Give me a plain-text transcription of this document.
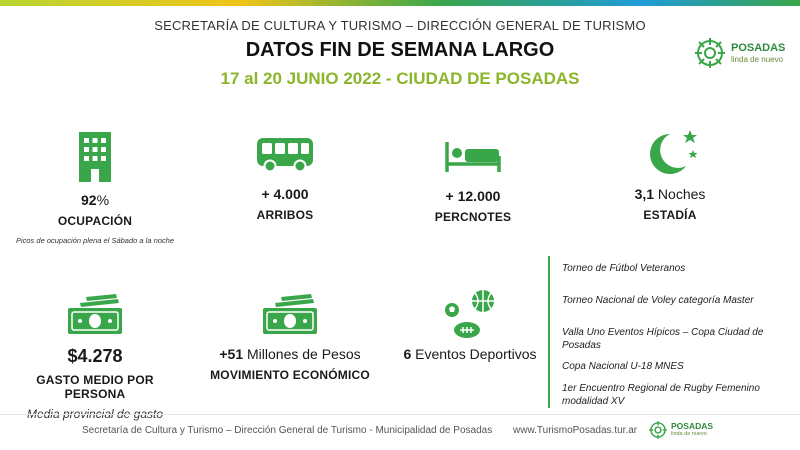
SECRETARÍA DE CULTURA Y TURISMO – DIRECCIÓN GENERAL DE TURISMO
DATOS FIN DE SEMANA LARGO
17 al 20 JUNIO 2022 - CIUDAD DE POSADAS
POSADAS
linda de nuevo
92%
OCUPACIÓN
Picos de ocupación plena el Sábado a la noche
+ 4.000
ARRIBOS
+ 12.000
PERCNOTES
3,1 Noches
ESTADÍA
$4.278
GASTO MEDIO POR PERSONA
Media provincial de gasto
+51 Millones de Pesos
MOVIMIENTO ECONÓMICO
6 Eventos Deportivos
Torneo de Fútbol Veteranos
Torneo Nacional de Voley categoría Master
Valla Uno Eventos Hípicos – Copa Ciudad de Posadas
Copa Nacional U-18 MNES
1er Encuentro Regional de Rugby Femenino modalidad XV
Secretaría de Cultura y Turismo – Dirección General de Turismo - Municipalidad de Posadas www.TurismoPosadas.tur.ar	POSADAS
linda de nuevo
